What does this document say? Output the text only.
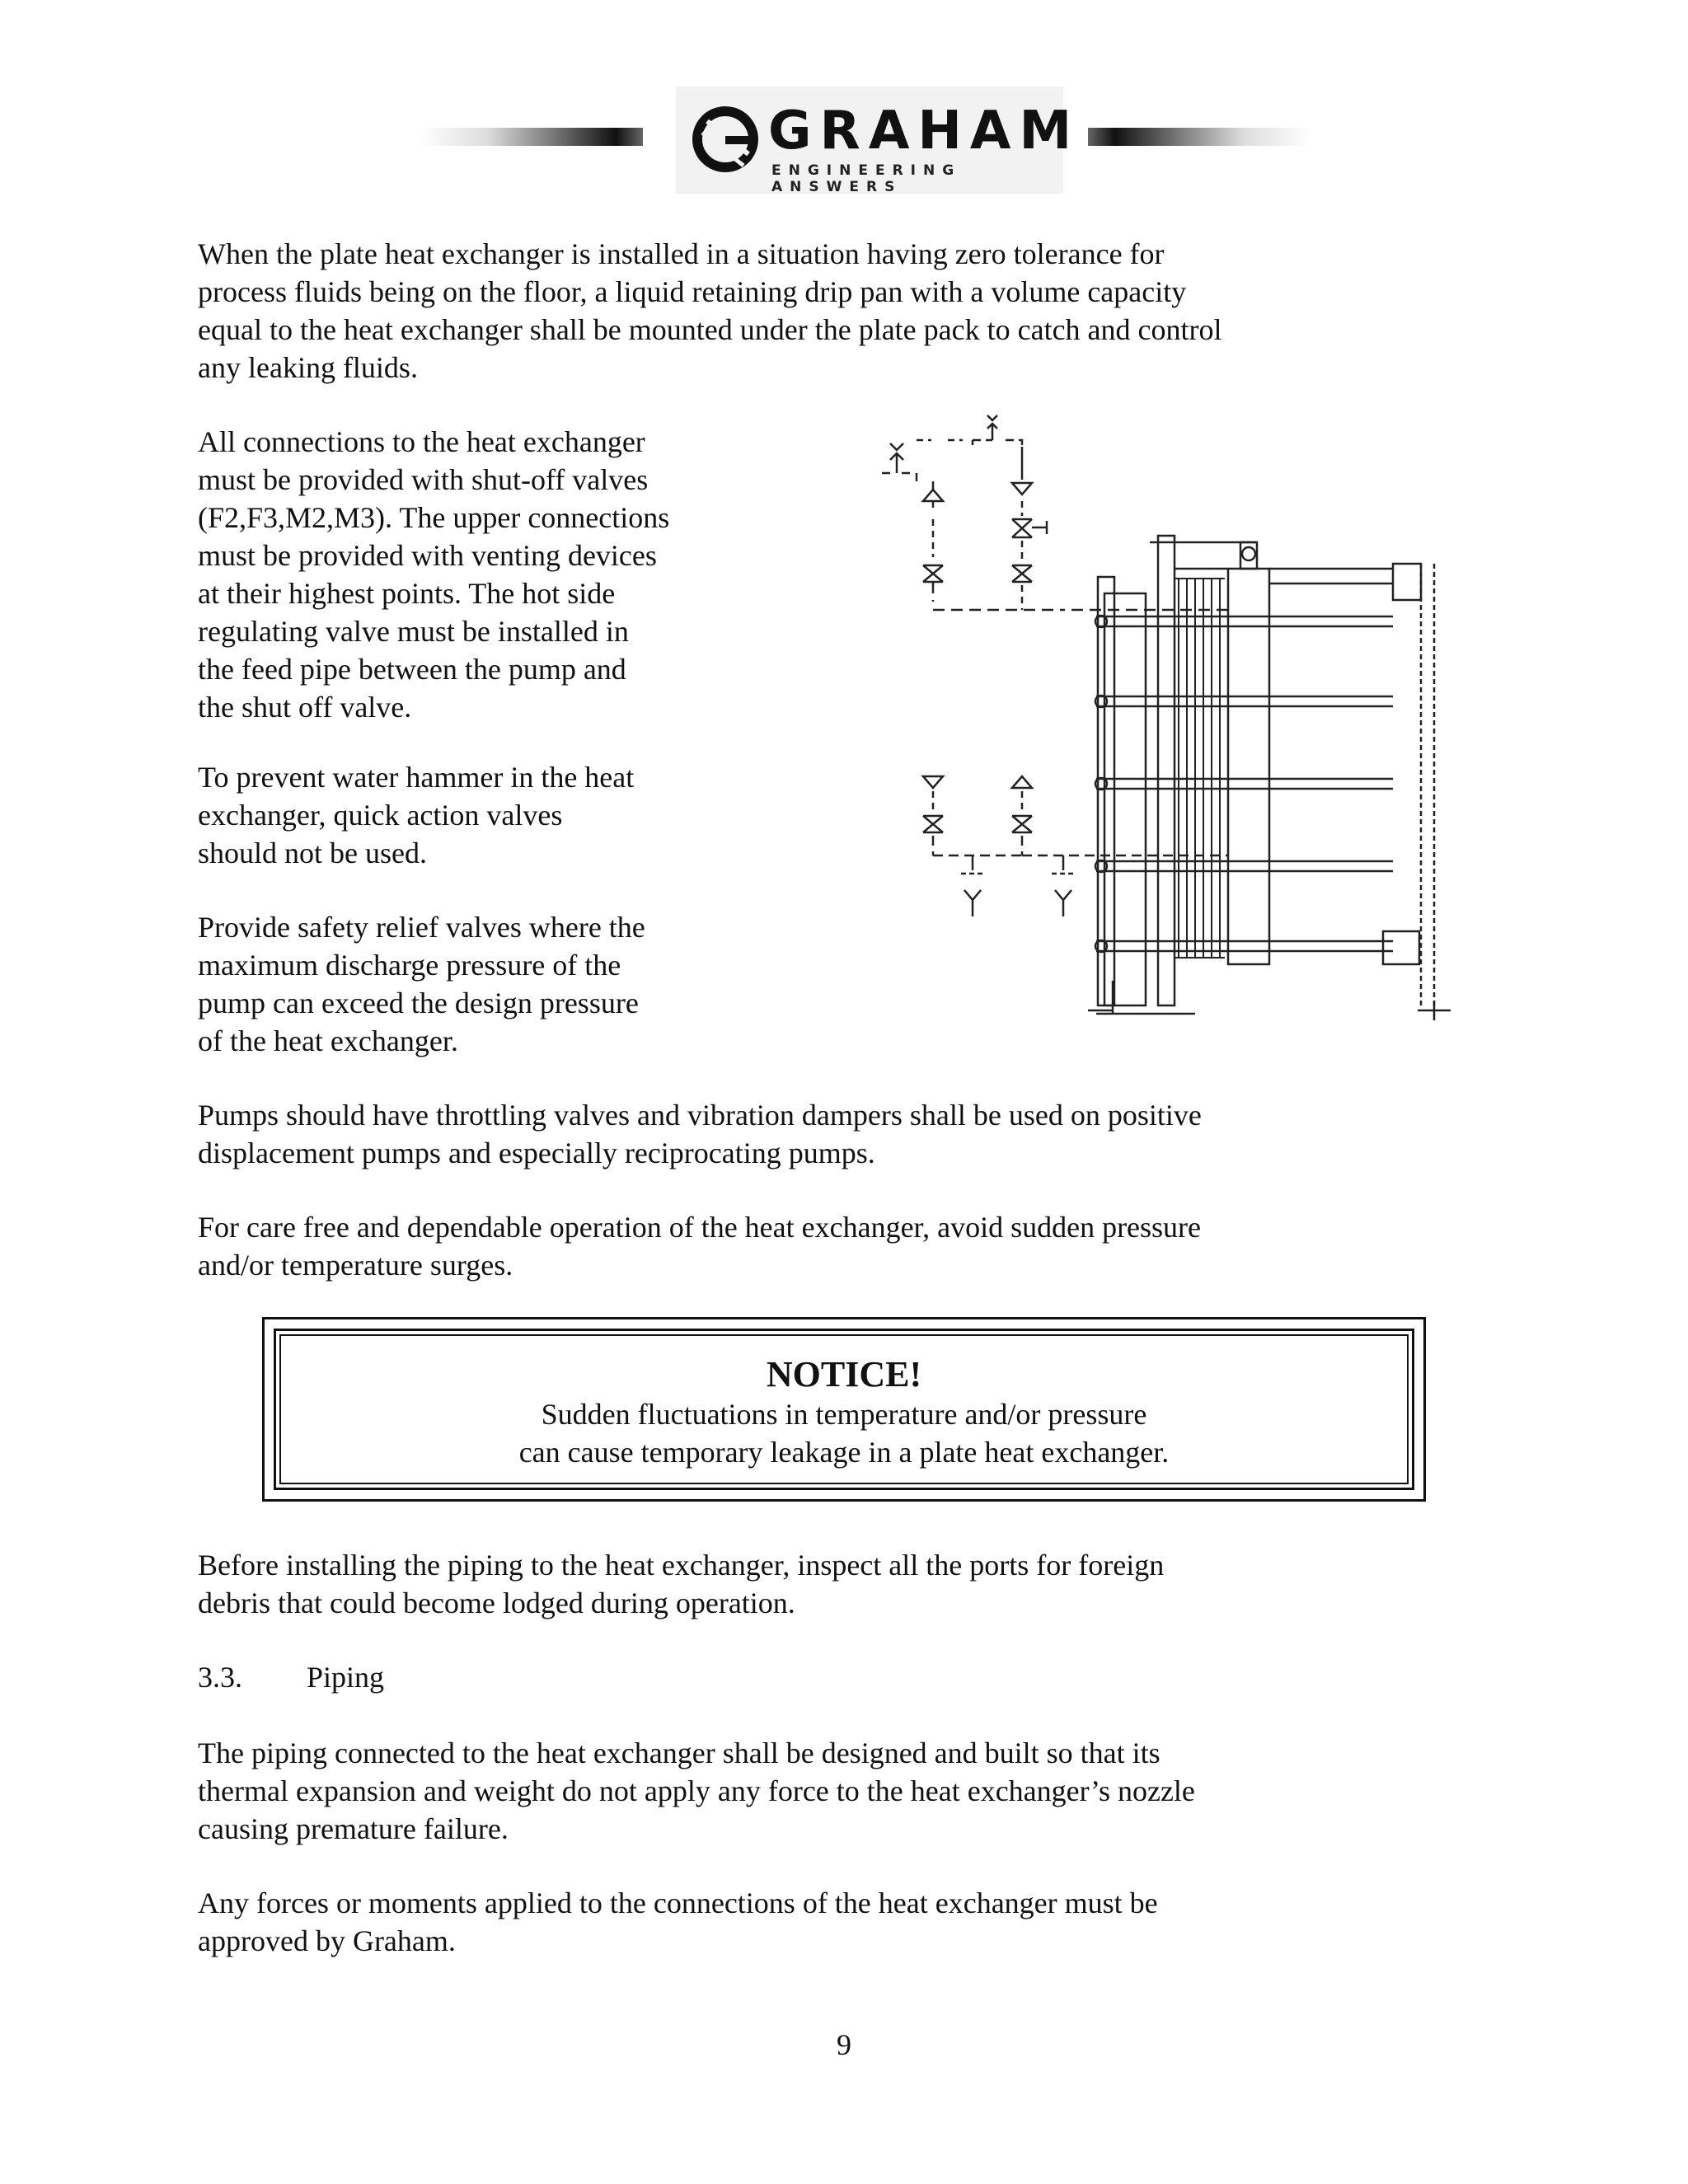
GRAHAM
ENGINEERING ANSWERS
When the plate heat exchanger is installed in a situation having zero tolerance for
process fluids being on the floor, a liquid retaining drip pan with a volume capacity
equal to the heat exchanger shall be mounted under the plate pack to catch and control
any leaking fluids.
All connections to the heat exchanger
must be provided with shut-off valves
(F2,F3,M2,M3). The upper connections
must be provided with venting devices
at their highest points. The hot side
regulating valve must be installed in
the feed pipe between the pump and
the shut off valve.
To prevent water hammer in the heat
exchanger, quick action valves
should not be used.
Provide safety relief valves where the
maximum discharge pressure of the
pump can exceed the design pressure
of the heat exchanger.
Pumps should have throttling valves and vibration dampers shall be used on positive
displacement pumps and especially reciprocating pumps.
For care free and dependable operation of the heat exchanger, avoid sudden pressure
and/or temperature surges.
NOTICE!
Sudden fluctuations in temperature and/or pressure
can cause temporary leakage in a plate heat exchanger.
Before installing the piping to the heat exchanger, inspect all the ports for foreign
debris that could become lodged during operation.
3.3. Piping
The piping connected to the heat exchanger shall be designed and built so that its
thermal expansion and weight do not apply any force to the heat exchanger’s nozzle
causing premature failure.
Any forces or moments applied to the connections of the heat exchanger must be
approved by Graham.
9
